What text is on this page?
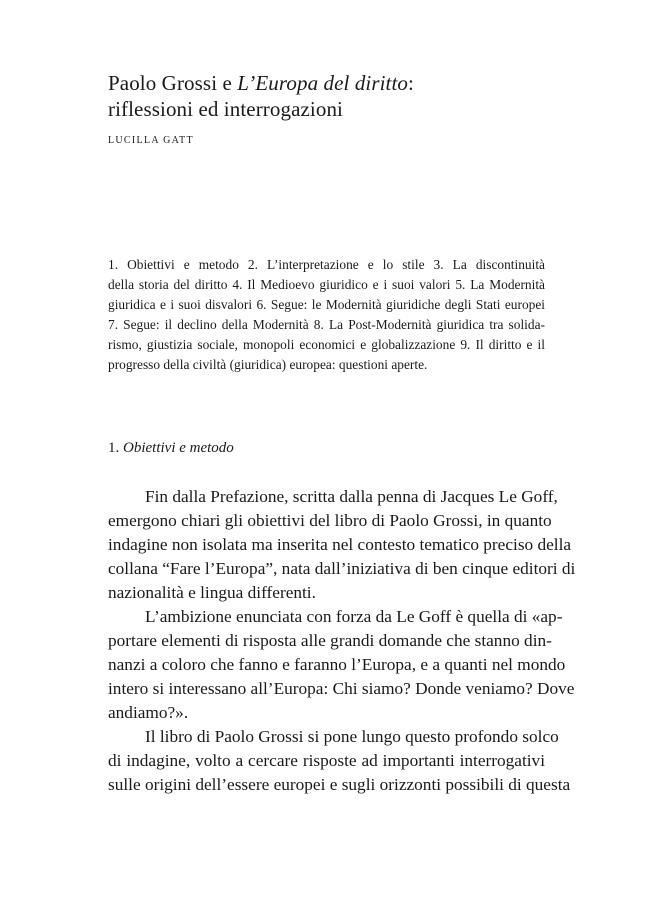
Paolo Grossi e L’Europa del diritto:
riflessioni ed interrogazioni
LUCILLA GATT
1. Obiettivi e metodo 2. L’interpretazione e lo stile 3. La discontinuità
della storia del diritto 4. Il Medioevo giuridico e i suoi valori 5. La Modernità
giuridica e i suoi disvalori 6. Segue: le Modernità giuridiche degli Stati europei
7. Segue: il declino della Modernità 8. La Post-Modernità giuridica tra solida-
rismo, giustizia sociale, monopoli economici e globalizzazione 9. Il diritto e il
progresso della civiltà (giuridica) europea: questioni aperte.
1. Obiettivi e metodo
Fin dalla Prefazione, scritta dalla penna di Jacques Le Goff,
emergono chiari gli obiettivi del libro di Paolo Grossi, in quanto
indagine non isolata ma inserita nel contesto tematico preciso della
collana “Fare l’Europa”, nata dall’iniziativa di ben cinque editori di
nazionalità e lingua differenti.
L’ambizione enunciata con forza da Le Goff è quella di «ap-
portare elementi di risposta alle grandi domande che stanno din-
nanzi a coloro che fanno e faranno l’Europa, e a quanti nel mondo
intero si interessano all’Europa: Chi siamo? Donde veniamo? Dove
andiamo?».
Il libro di Paolo Grossi si pone lungo questo profondo solco
di indagine, volto a cercare risposte ad importanti interrogativi
sulle origini dell’essere europei e sugli orizzonti possibili di questa
